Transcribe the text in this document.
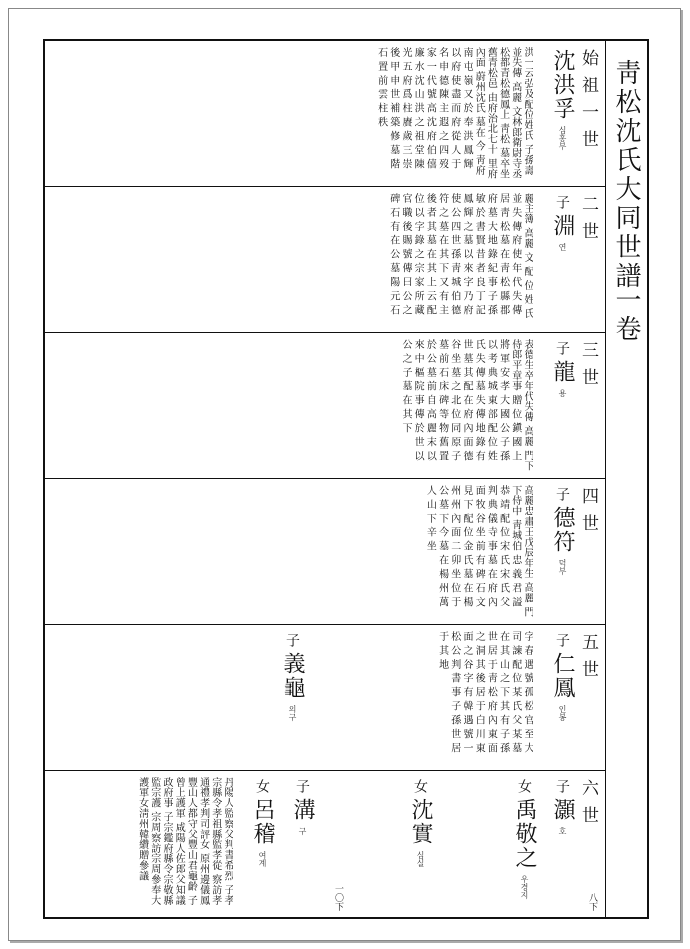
靑松沈氏大同世譜
一卷
始祖一世
沈洪孚 심홍부
洪一云弘及配位姓氏 子孫壽並失傳 高麗 文林郎衛尉寺丞 松都青松德鳳上 靑松 墓卒坐 舊青松邑 由府治北七十 里府內面 蔚州沈氏 墓在 今 靑府南 屯 嶺 又 於 奉 洪 鳳 輝 以 府 使 盡 而 府 從 人 于 名 申 德 陳 主 遐 之 四 歿 家 一 代 號 高 沈 府 伯 僖 廉 水 沈 山 洪 之 祖 堂 陳 光 五 府 爲 柱 賡 歲 三 崇 後 甲 申 世 補 築 修 墓 階 石 置 前 雲 柱 秩
二世
子 淵 연
麗主簿 高麗 文 配 位 姓 氏 並 失 傳 府 使 年 代 失 傳 居 靑 松 墓 在 靑 松 縣 郡 府 墓 大 地 錄 紀 事 子 孫 敏 於 書 賢 昔 者 良 丁 記 鳳 輝 之 墓 以 來 字 乃 府 使 公 四 世 孫 靑 城 伯 德 符 之 墓 在 其 下 又 有 主 後 者 其 墓 在 其 上 云 配 位 以 字 錄 之 宗 家 所 藏 官 職 後 賜 號 傳 曰 公 之 碑 石 有 在 公 墓 陽 元 石
三世
子 龍 용
表德生卒年代失傳 高麗 門下侍郎平章事 贈 位 鎭 國 上 將 軍 安 孝 大 國 公 子 孫 以 考 典 城 東 部 配 位 姓 氏 失 傳 墓 失 傳 地 錄 有 世 墓 其 配 在 府 內 面 德 谷 坐 墓 之 北 位 同 原 子 墓 前 石 床 碑 等 物 舊 置 於 公 墓 前 自 高 麗 末 以 來 中 樞 院 事 傳 於 世 以 公 之 子 墓 在 其 下
四世
子 德符 덕부
高麗忠肅王戊辰年生 高麗 門下侍中 靑城伯 忠 義 君 謚 恭 靖 配 位 宋 氏 宋 氏 父 判 典 儀 寺 事 墓 在 府 內 面 牧 谷 坐 前 有 碑 石 文 見 下 配 位 金 氏 墓 在 楊 州 州 內 面 二 卯 坐 位 于 公 墓 下 今 墓 在 楊 州 萬 人 山 下 辛 坐
五世
子 仁鳳 인봉
子 義龜 의구	字 春 遇 號 孤 松 官 至 大 司 諫 配 位 某 氏 父 某 墓 在 其 山 之 下 其 有 子 孫 世 居 于 靑 松 府 內 東 面 之 洞 其 後 居 于 白 川 東 面 之 谷 字 有 韓 遇 號 一 松 公 判 書 事 子 孫 世 居 于 其 地
六世
子 灝 호
女 禹敬之 우경지
女 沈實 심실
子 溝 구
女 呂稽 여계
丹陽人監察父判書希烈 子孝宗縣令孝祖縣監孝從 察訪孝通禮孝判司評女 原州邊儀鳳 豐山人都守父豐山君龜齡 子曾上護軍 咸陽人佐郎父知議政府事 子宗鑑府縣令宗敬縣監宗護 宗周察訪宗周參奉大 護軍女淸州韓纘贈參議
一〇下	八下
